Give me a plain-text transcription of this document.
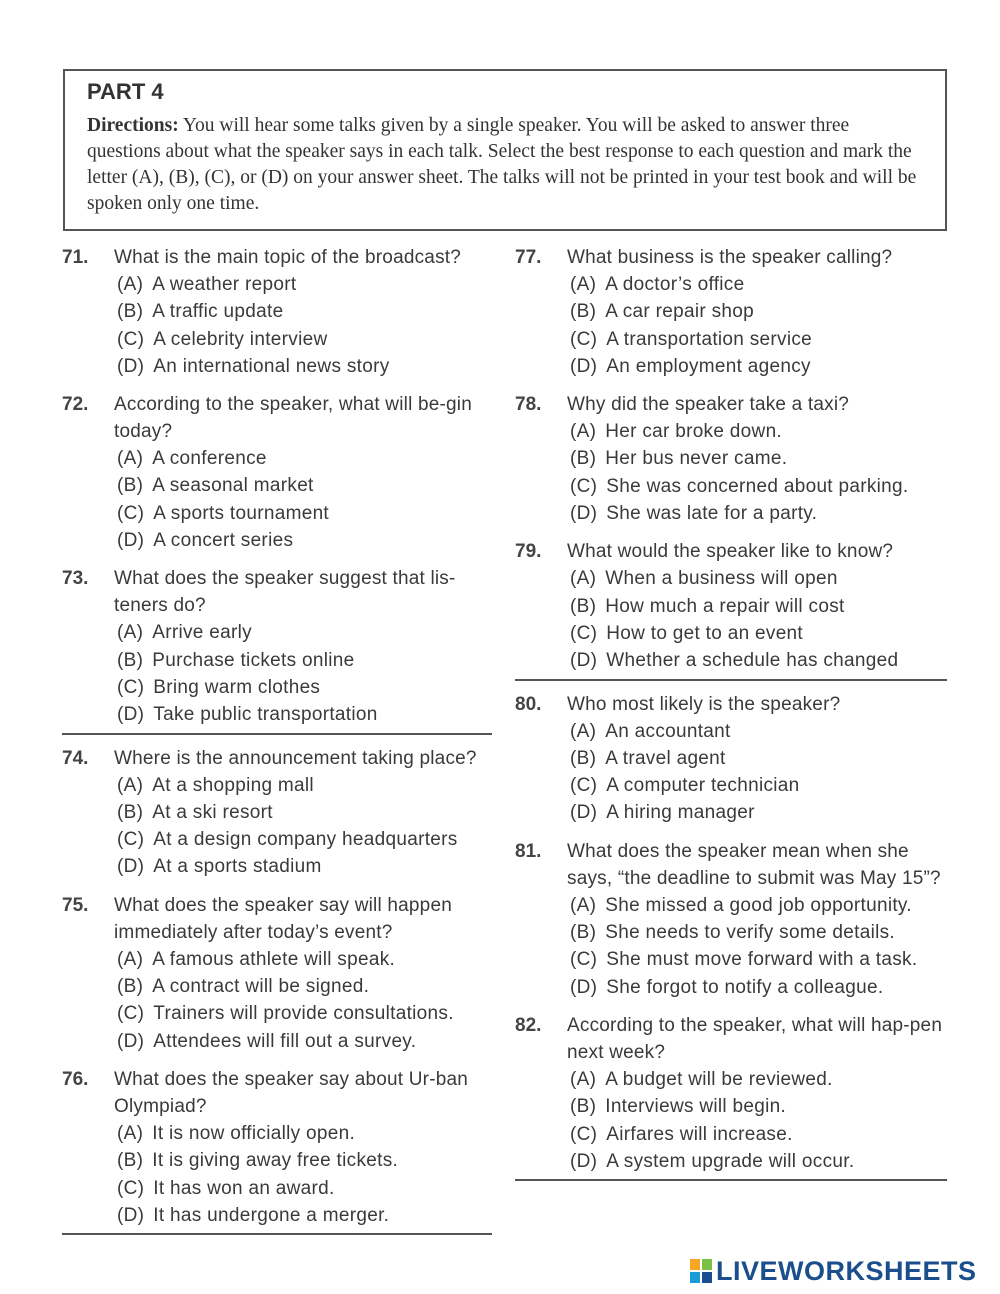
PART 4

Directions: You will hear some talks given by a single speaker. You will be asked to answer three questions about what the speaker says in each talk. Select the best response to each question and mark the letter (A), (B), (C), or (D) on your answer sheet. The talks will not be printed in your test book and will be spoken only one time.

71.	What is the main topic of the broadcast?
(A) A weather report
(B) A traffic update
(C) A celebrity interview
(D) An international news story
72.	According to the speaker, what will be-gin today?
(A) A conference
(B) A seasonal market
(C) A sports tournament
(D) A concert series
73.	What does the speaker suggest that lis-teners do?
(A) Arrive early
(B) Purchase tickets online
(C) Bring warm clothes
(D) Take public transportation
74.	Where is the announcement taking place?
(A) At a shopping mall
(B) At a ski resort
(C) At a design company headquarters
(D) At a sports stadium
75.	What does the speaker say will happen immediately after today’s event?
(A) A famous athlete will speak.
(B) A contract will be signed.
(C) Trainers will provide consultations.
(D) Attendees will fill out a survey.
76.	What does the speaker say about Ur-ban Olympiad?
(A) It is now officially open.
(B) It is giving away free tickets.
(C) It has won an award.
(D) It has undergone a merger.
77.	What business is the speaker calling?
(A) A doctor’s office
(B) A car repair shop
(C) A transportation service
(D) An employment agency
78.	Why did the speaker take a taxi?
(A) Her car broke down.
(B) Her bus never came.
(C) She was concerned about parking.
(D) She was late for a party.
79.	What would the speaker like to know?
(A) When a business will open
(B) How much a repair will cost
(C) How to get to an event
(D) Whether a schedule has changed
80.	Who most likely is the speaker?
(A) An accountant
(B) A travel agent
(C) A computer technician
(D) A hiring manager
81.	What does the speaker mean when she says, “the deadline to submit was May 15”?
(A) She missed a good job opportunity.
(B) She needs to verify some details.
(C) She must move forward with a task.
(D) She forgot to notify a colleague.
82.	According to the speaker, what will hap-pen next week?
(A) A budget will be reviewed.
(B) Interviews will begin.
(C) Airfares will increase.
(D) A system upgrade will occur.
LIVEWORKSHEETS
